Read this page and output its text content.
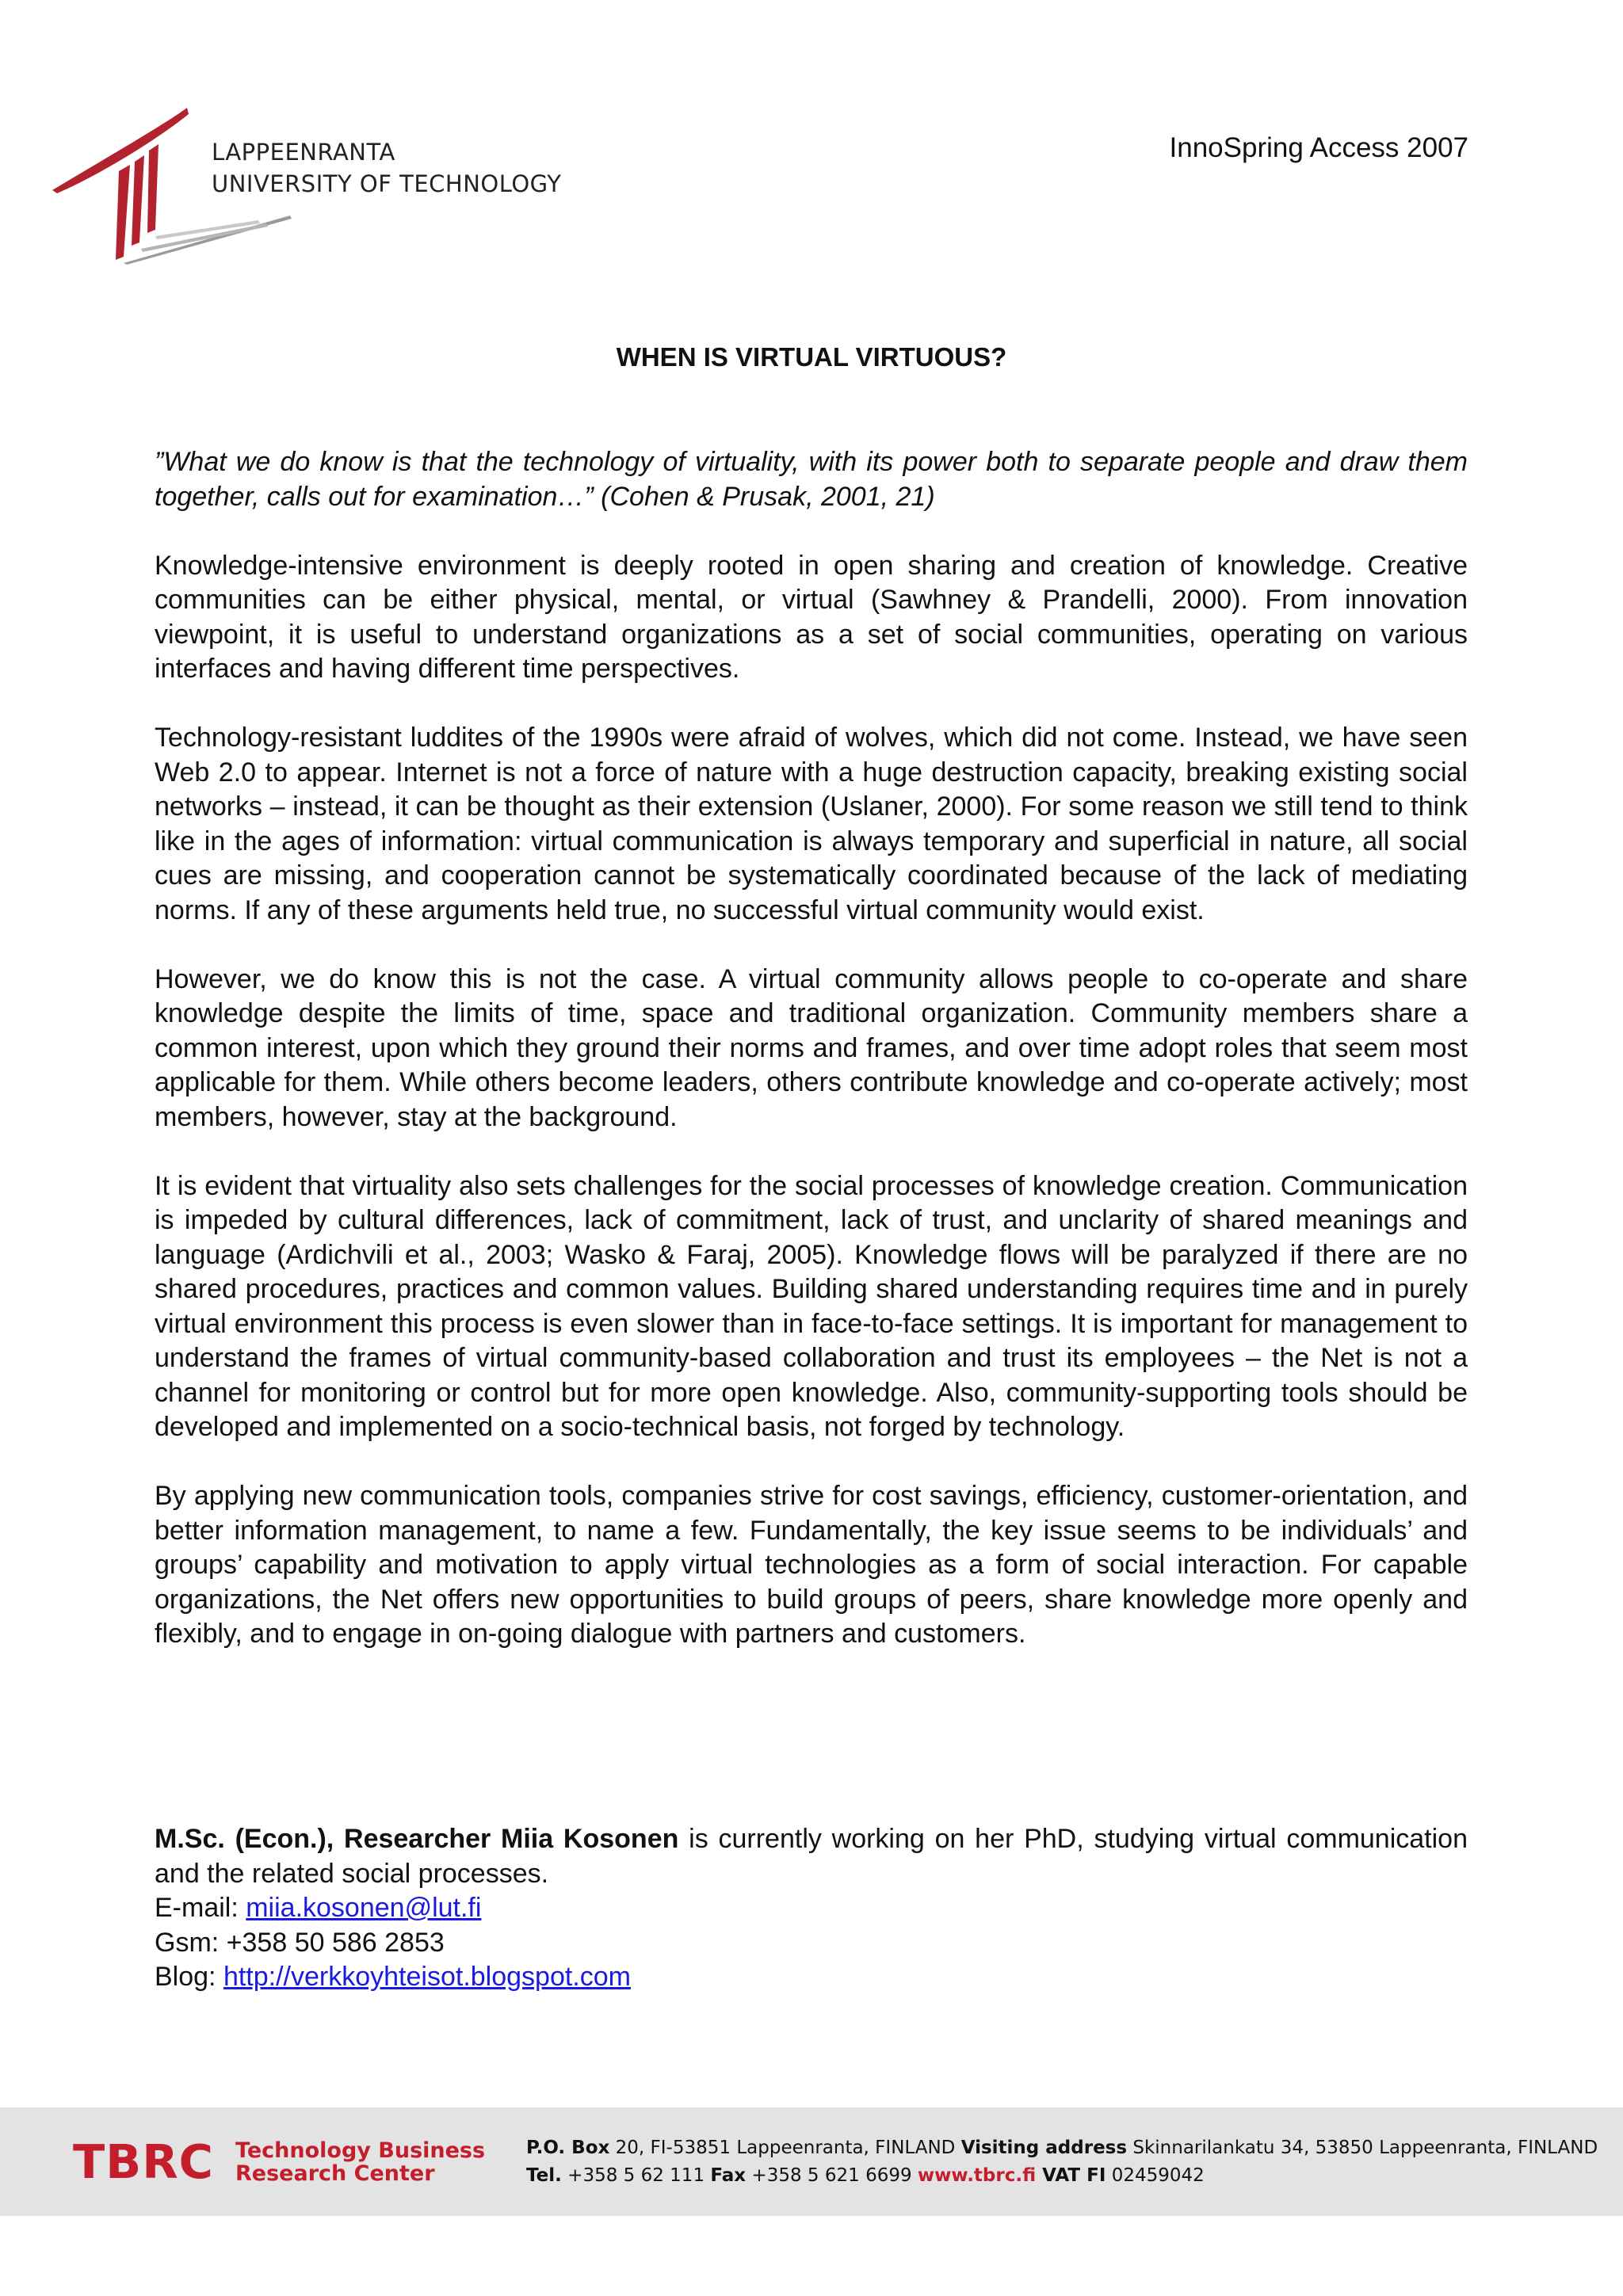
LAPPEENRANTA
UNIVERSITY OF TECHNOLOGY
InnoSpring Access 2007
WHEN IS VIRTUAL VIRTUOUS?

”What we do know is that the technology of virtuality, with its power both to separate people and draw them together, calls out for examination…” (Cohen & Prusak, 2001, 21)

Knowledge-intensive environment is deeply rooted in open sharing and creation of knowledge. Creative communities can be either physical, mental, or virtual (Sawhney & Prandelli, 2000). From innovation viewpoint, it is useful to understand organizations as a set of social communities, operating on various interfaces and having different time perspectives.

Technology-resistant luddites of the 1990s were afraid of wolves, which did not come. Instead, we have seen Web 2.0 to appear. Internet is not a force of nature with a huge destruction capacity, breaking existing social networks – instead, it can be thought as their extension (Uslaner, 2000). For some reason we still tend to think like in the ages of information: virtual communication is always temporary and superficial in nature, all social cues are missing, and cooperation cannot be systematically coordinated because of the lack of mediating norms. If any of these arguments held true, no successful virtual community would exist.

However, we do know this is not the case. A virtual community allows people to co-operate and share knowledge despite the limits of time, space and traditional organization. Community members share a common interest, upon which they ground their norms and frames, and over time adopt roles that seem most applicable for them. While others become leaders, others contribute knowledge and co-operate actively; most members, however, stay at the background.

It is evident that virtuality also sets challenges for the social processes of knowledge creation. Communication is impeded by cultural differences, lack of commitment, lack of trust, and unclarity of shared meanings and language (Ardichvili et al., 2003; Wasko & Faraj, 2005). Knowledge flows will be paralyzed if there are no shared procedures, practices and common values. Building shared understanding requires time and in purely virtual environment this process is even slower than in face-to-face settings. It is important for management to understand the frames of virtual community-based collaboration and trust its employees – the Net is not a channel for monitoring or control but for more open knowledge. Also, community-supporting tools should be developed and implemented on a socio-technical basis, not forged by technology.

By applying new communication tools, companies strive for cost savings, efficiency, customer-orientation, and better information management, to name a few. Fundamentally, the key issue seems to be individuals’ and groups’ capability and motivation to apply virtual technologies as a form of social interaction. For capable organizations, the Net offers new opportunities to build groups of peers, share knowledge more openly and flexibly, and to engage in on-going dialogue with partners and customers.

M.Sc. (Econ.), Researcher Miia Kosonen is currently working on her PhD, studying virtual communication and the related social processes.
E-mail: miia.kosonen@lut.fi
Gsm: +358 50 586 2853
Blog: http://verkkoyhteisot.blogspot.com
TBRC Technology Business
Research Center
P.O. Box 20, FI-53851 Lappeenranta, FINLAND Visiting address Skinnarilankatu 34, 53850 Lappeenranta, FINLAND
Tel. +358 5 62 111 Fax +358 5 621 6699 www.tbrc.fi VAT FI 02459042
